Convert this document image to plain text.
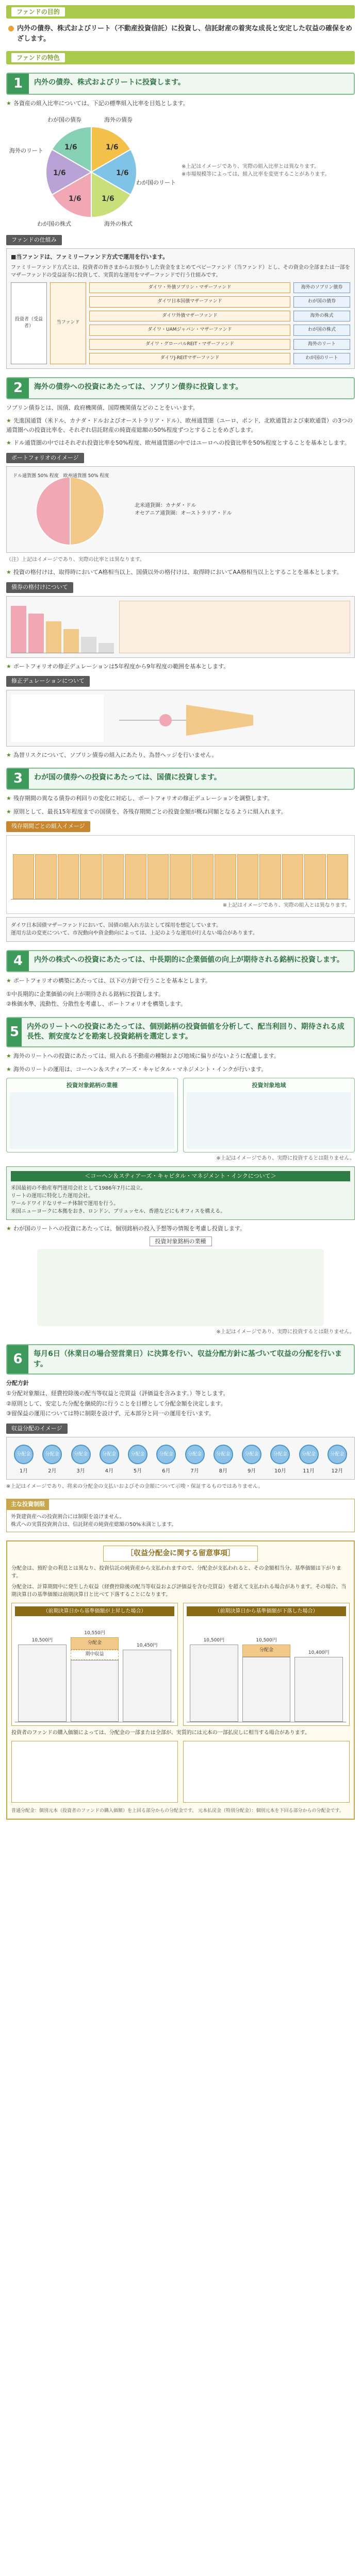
ファンドの目的
内外の債券、株式およびリート（不動産投資信託）に投資し、信託財産の着実な成長と安定した収益の確保をめざします。
ファンドの特色
1	内外の債券、株式およびリートに投資します。
★ 各資産の組入比率については、下記の標準組入比率を目処とします。
1/6
1/6
1/6
1/6
1/6
1/6
わが国の債券	海外の債券
海外のリート
わが国のリート
わが国の株式	海外の株式
※上記はイメージであり、実際の組入比率とは異なります。
※市場規模等によっては、組入比率を変更することがあります。
ファンドの仕組み
■当ファンドは、ファミリーファンド方式で運用を行います。
ファミリーファンド方式とは、投資者の皆さまからお預かりした資金をまとめてベビーファンド（当ファンド）とし、その資金の全部または一部をマザーファンドの受益証券に投資して、実質的な運用をマザーファンドで行う仕組みです。
投資者（受益者）
当ファンド
ダイワ・外債ソブリン・マザーファンド	海外のソブリン債券
ダイワ日本国債マザーファンド	わが国の債券
ダイワ外債マザーファンド	海外の株式
ダイワ・UAMジャパン・マザーファンド	わが国の株式
ダイワ・グローバルREIT・マザーファンド	海外のリート
ダイワJ-REITマザーファンド	わが国のリート
2	海外の債券への投資にあたっては、ソブリン債券に投資します。
ソブリン債券とは、国債、政府機関債、国際機関債などのことをいいます。
★ 先進国通貨（米ドル、カナダ・ドルおよびオーストラリア・ドル）、欧州通貨圏（ユーロ、ポンド、北欧通貨および東欧通貨）の3つの通貨圏への投資比率を、それぞれ信託財産の純資産総額の50%程度ずつとすることをめざします。
★ ドル通貨圏の中ではそれぞれ投資比率を50%程度、欧州通貨圏の中ではユーロへの投資比率を50%程度とすることを基本とします。
ポートフォリオのイメージ
ドル通貨圏 50% 程度　欧州通貨圏 50% 程度
北米通貨圏：カナダ・ドル
オセアニア通貨圏：オーストラリア・ドル
（注）上記はイメージであり、実際の比率とは異なります。
★ 投資の格付けは、取得時においてA格相当以上、国債以外の格付けは、取得時においてAA格相当以上とすることを基本とします。
債券の格付けについて
★ ポートフォリオの修正デュレーションは5年程度から9年程度の範囲を基本とします。
修正デュレーションについて
★ 為替リスクについて、ソブリン債券の組入にあたり、為替ヘッジを行いません。
3	わが国の債券への投資にあたっては、国債に投資します。
★ 残存期間の異なる債券の利回りの変化に対応し、ポートフォリオの修正デュレーションを調整します。
★ 原則として、最長15年程度までの国債を、各残存期間ごとの投資金額が概ね同額となるように組入れます。
残存期間ごとの組入イメージ
※上記はイメージであり、実際の組入とは異なります。
ダイワ日本国債マザーファンドにおいて、国債の組入れ方法として採用を想定しています。
運用方法の変更について、市況動向や資金動向によっては、上記のような運用が行えない場合があります。
4	内外の株式への投資にあたっては、中長期的に企業価値の向上が期待される銘柄に投資します。
★ ポートフォリオの構築にあたっては、以下の方針で行うことを基本とします。
①中長期的に企業価値の向上が期待される銘柄に投資します。
②株価水準、流動性、分散性を考慮し、ポートフォリオを構築します。
5	内外のリートへの投資にあたっては、個別銘柄の投資価値を分析して、配当利回り、期待される成長性、割安度などを勘案し投資銘柄を選定します。
★ 海外のリートへの投資にあたっては、組入れる不動産の種類および地域に偏りがないように配慮します。
★ 海外のリートの運用は、コーヘン＆スティアーズ・キャピタル・マネジメント・インクが行います。
投資対象銘柄の業種	投資対象地域
※上記はイメージであり、実際に投資するとは限りません。
＜コーヘン＆スティアーズ・キャピタル・マネジメント・インクについて＞
米国最初の不動産専門運用会社として1986年7月に設立。
リートの運用に特化した運用会社。
ワールドワイドなリサーチ体制で運用を行う。
米国ニューヨークに本拠をおき、ロンドン、ブリュッセル、香港などにもオフィスを構える。
★ わが国のリートへの投資にあたっては、個別銘柄の投入予想等の情報を考慮し投資します。
投資対象銘柄の業種
※上記はイメージであり、実際に投資するとは限りません。
6	毎月6日（休業日の場合翌営業日）に決算を行い、収益分配方針に基づいて収益の分配を行います。
分配方針
①分配対象額は、経費控除後の配当等収益と売買益（評価益を含みます。）等とします。
②原則として、安定した分配を継続的に行うことを目標として分配金額を決定します。
③留保益の運用については特に制限を設けず、元本部分と同一の運用を行います。
収益分配のイメージ
分配金	分配金	分配金	分配金	分配金	分配金	分配金	分配金	分配金	分配金	分配金	分配金
1月	2月	3月	4月	5月	6月	7月	8月	9月	10月	11月	12月
※上記はイメージであり、将来の分配金の支払いおよびその金額について示唆・保証するものではありません。
主な投資制限
外貨建資産への投資割合には制限を設けません。
株式への実質投資割合は、信託財産の純資産総額の50%未満とします。
［収益分配金に関する留意事項］
分配金は、預貯金の利息とは異なり、投資信託の純資産から支払われますので、分配金が支払われると、その金額相当分、基準価額は下がります。
分配金は、計算期間中に発生した収益（経費控除後の配当等収益および評価益を含む売買益）を超えて支払われる場合があります。その場合、当期決算日の基準価額は前期決算日と比べて下落することになります。
（前期決算日から基準価額が上昇した場合）
10,500円
10,550円
分配金
期中収益
10,450円
（前期決算日から基準価額が下落した場合）
10,500円	10,500円
分配金
10,400円
投資者のファンドの購入価額によっては、分配金の一部または全部が、実質的には元本の一部払戻しに相当する場合があります。
普通分配金：個別元本（投資者のファンドの購入価額）を上回る部分からの分配金です。 元本払戻金（特別分配金）：個別元本を下回る部分からの分配金です。
